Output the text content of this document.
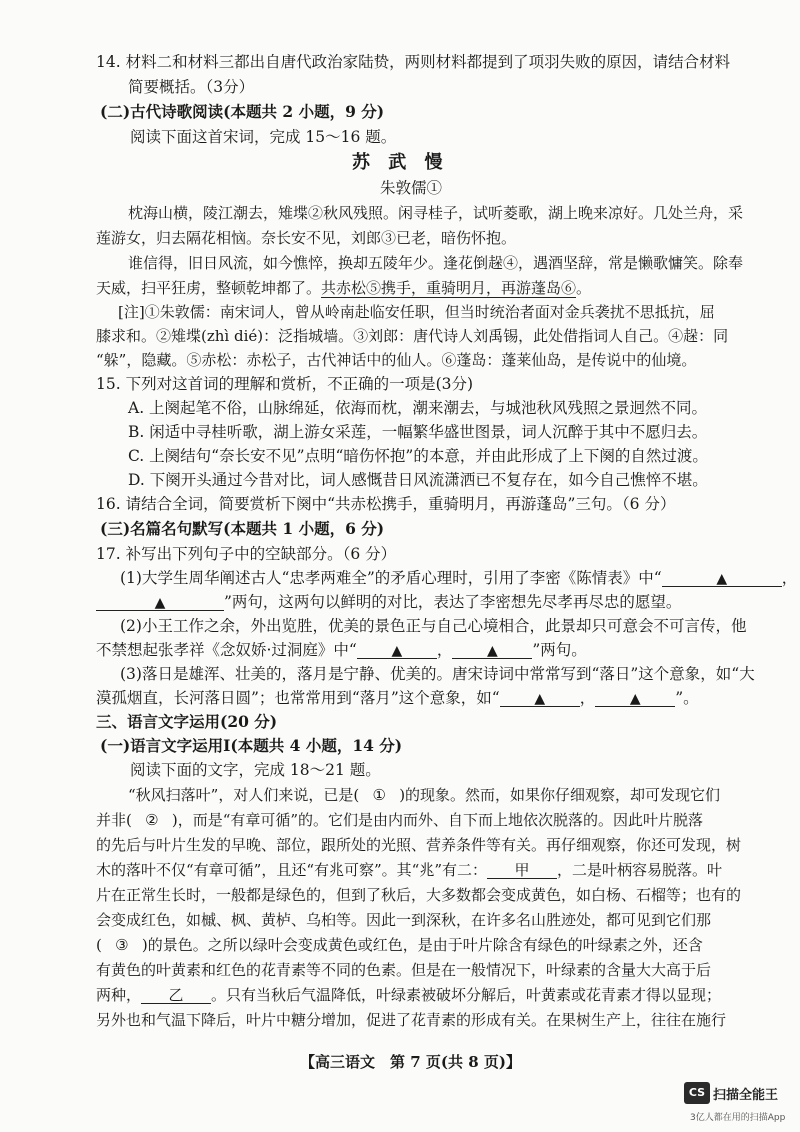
14. 材料二和材料三都出自唐代政治家陆贽，两则材料都提到了项羽失败的原因，请结合材料
简要概括。（3分）
(二)古代诗歌阅读(本题共 2 小题，9 分)
阅读下面这首宋词，完成 15～16 题。
苏 武 慢
朱敦儒①
枕海山横，陵江潮去，雉堞②秋风残照。闲寻桂子，试听菱歌，湖上晚来凉好。几处兰舟，采
莲游女，归去隔花相恼。奈长安不见，刘郎③已老，暗伤怀抱。
谁信得，旧日风流，如今憔悴，换却五陵年少。逢花倒趓④，遇酒坚辞，常是懒歌慵笑。除奉
天威，扫平狂虏，整顿乾坤都了。共赤松⑤携手，重骑明月，再游蓬岛⑥。
[注]①朱敦儒：南宋词人，曾从岭南赴临安任职，但当时统治者面对金兵袭扰不思抵抗，屈
膝求和。②雉堞(zhì dié)：泛指城墙。③刘郎：唐代诗人刘禹锡，此处借指词人自己。④趓：同
“躲”，隐藏。⑤赤松：赤松子，古代神话中的仙人。⑥蓬岛：蓬莱仙岛，是传说中的仙境。
15. 下列对这首词的理解和赏析，不正确的一项是(3分)
A. 上阕起笔不俗，山脉绵延，依海而枕，潮来潮去，与城池秋风残照之景迥然不同。
B. 闲适中寻桂听歌，湖上游女采莲，一幅繁华盛世图景，词人沉醉于其中不愿归去。
C. 上阕结句“奈长安不见”点明“暗伤怀抱”的本意，并由此形成了上下阕的自然过渡。
D. 下阕开头通过今昔对比，词人感慨昔日风流潇洒已不复存在，如今自己憔悴不堪。
16. 请结合全词，简要赏析下阕中“共赤松携手，重骑明月，再游蓬岛”三句。（6 分）
(三)名篇名句默写(本题共 1 小题，6 分)
17. 补写出下列句子中的空缺部分。（6 分）
(1)大学生周华阐述古人“忠孝两难全”的矛盾心理时，引用了李密《陈情表》中“	▲	，
▲	”两句，这两句以鲜明的对比，表达了李密想先尽孝再尽忠的愿望。
(2)小王工作之余，外出览胜，优美的景色正与自己心境相合，此景却只可意会不可言传，他
不禁想起张孝祥《念奴娇·过洞庭》中“ ▲ ， ▲ ”两句。
(3)落日是雄浑、壮美的，落月是宁静、优美的。唐宋诗词中常常写到“落日”这个意象，如“大
漠孤烟直，长河落日圆”；也常常用到“落月”这个意象，如“ ▲ ， ▲ ”。
三、语言文字运用(20 分)
(一)语言文字运用Ⅰ(本题共 4 小题，14 分)
阅读下面的文字，完成 18～21 题。
“秋风扫落叶”，对人们来说，已是( ① )的现象。然而，如果你仔细观察，却可发现它们
并非( ② )，而是“有章可循”的。它们是由内而外、自下而上地依次脱落的。因此叶片脱落
的先后与叶片生发的早晚、部位，跟所处的光照、营养条件等有关。再仔细观察，你还可发现，树
木的落叶不仅“有章可循”，且还“有兆可察”。其“兆”有二： 甲 ，二是叶柄容易脱落。叶
片在正常生长时，一般都是绿色的，但到了秋后，大多数都会变成黄色，如白杨、石榴等；也有的
会变成红色，如槭、枫、黄栌、乌桕等。因此一到深秋，在许多名山胜迹处，都可见到它们那
( ③ )的景色。之所以绿叶会变成黄色或红色，是由于叶片除含有绿色的叶绿素之外，还含
有黄色的叶黄素和红色的花青素等不同的色素。但是在一般情况下，叶绿素的含量大大高于后
两种， 乙 。只有当秋后气温降低，叶绿素被破坏分解后，叶黄素或花青素才得以显现；
另外也和气温下降后，叶片中糖分增加，促进了花青素的形成有关。在果树生产上，往往在施行
【高三语文　第 7 页(共 8 页)】
CS 扫描全能王
3亿人都在用的扫描App
